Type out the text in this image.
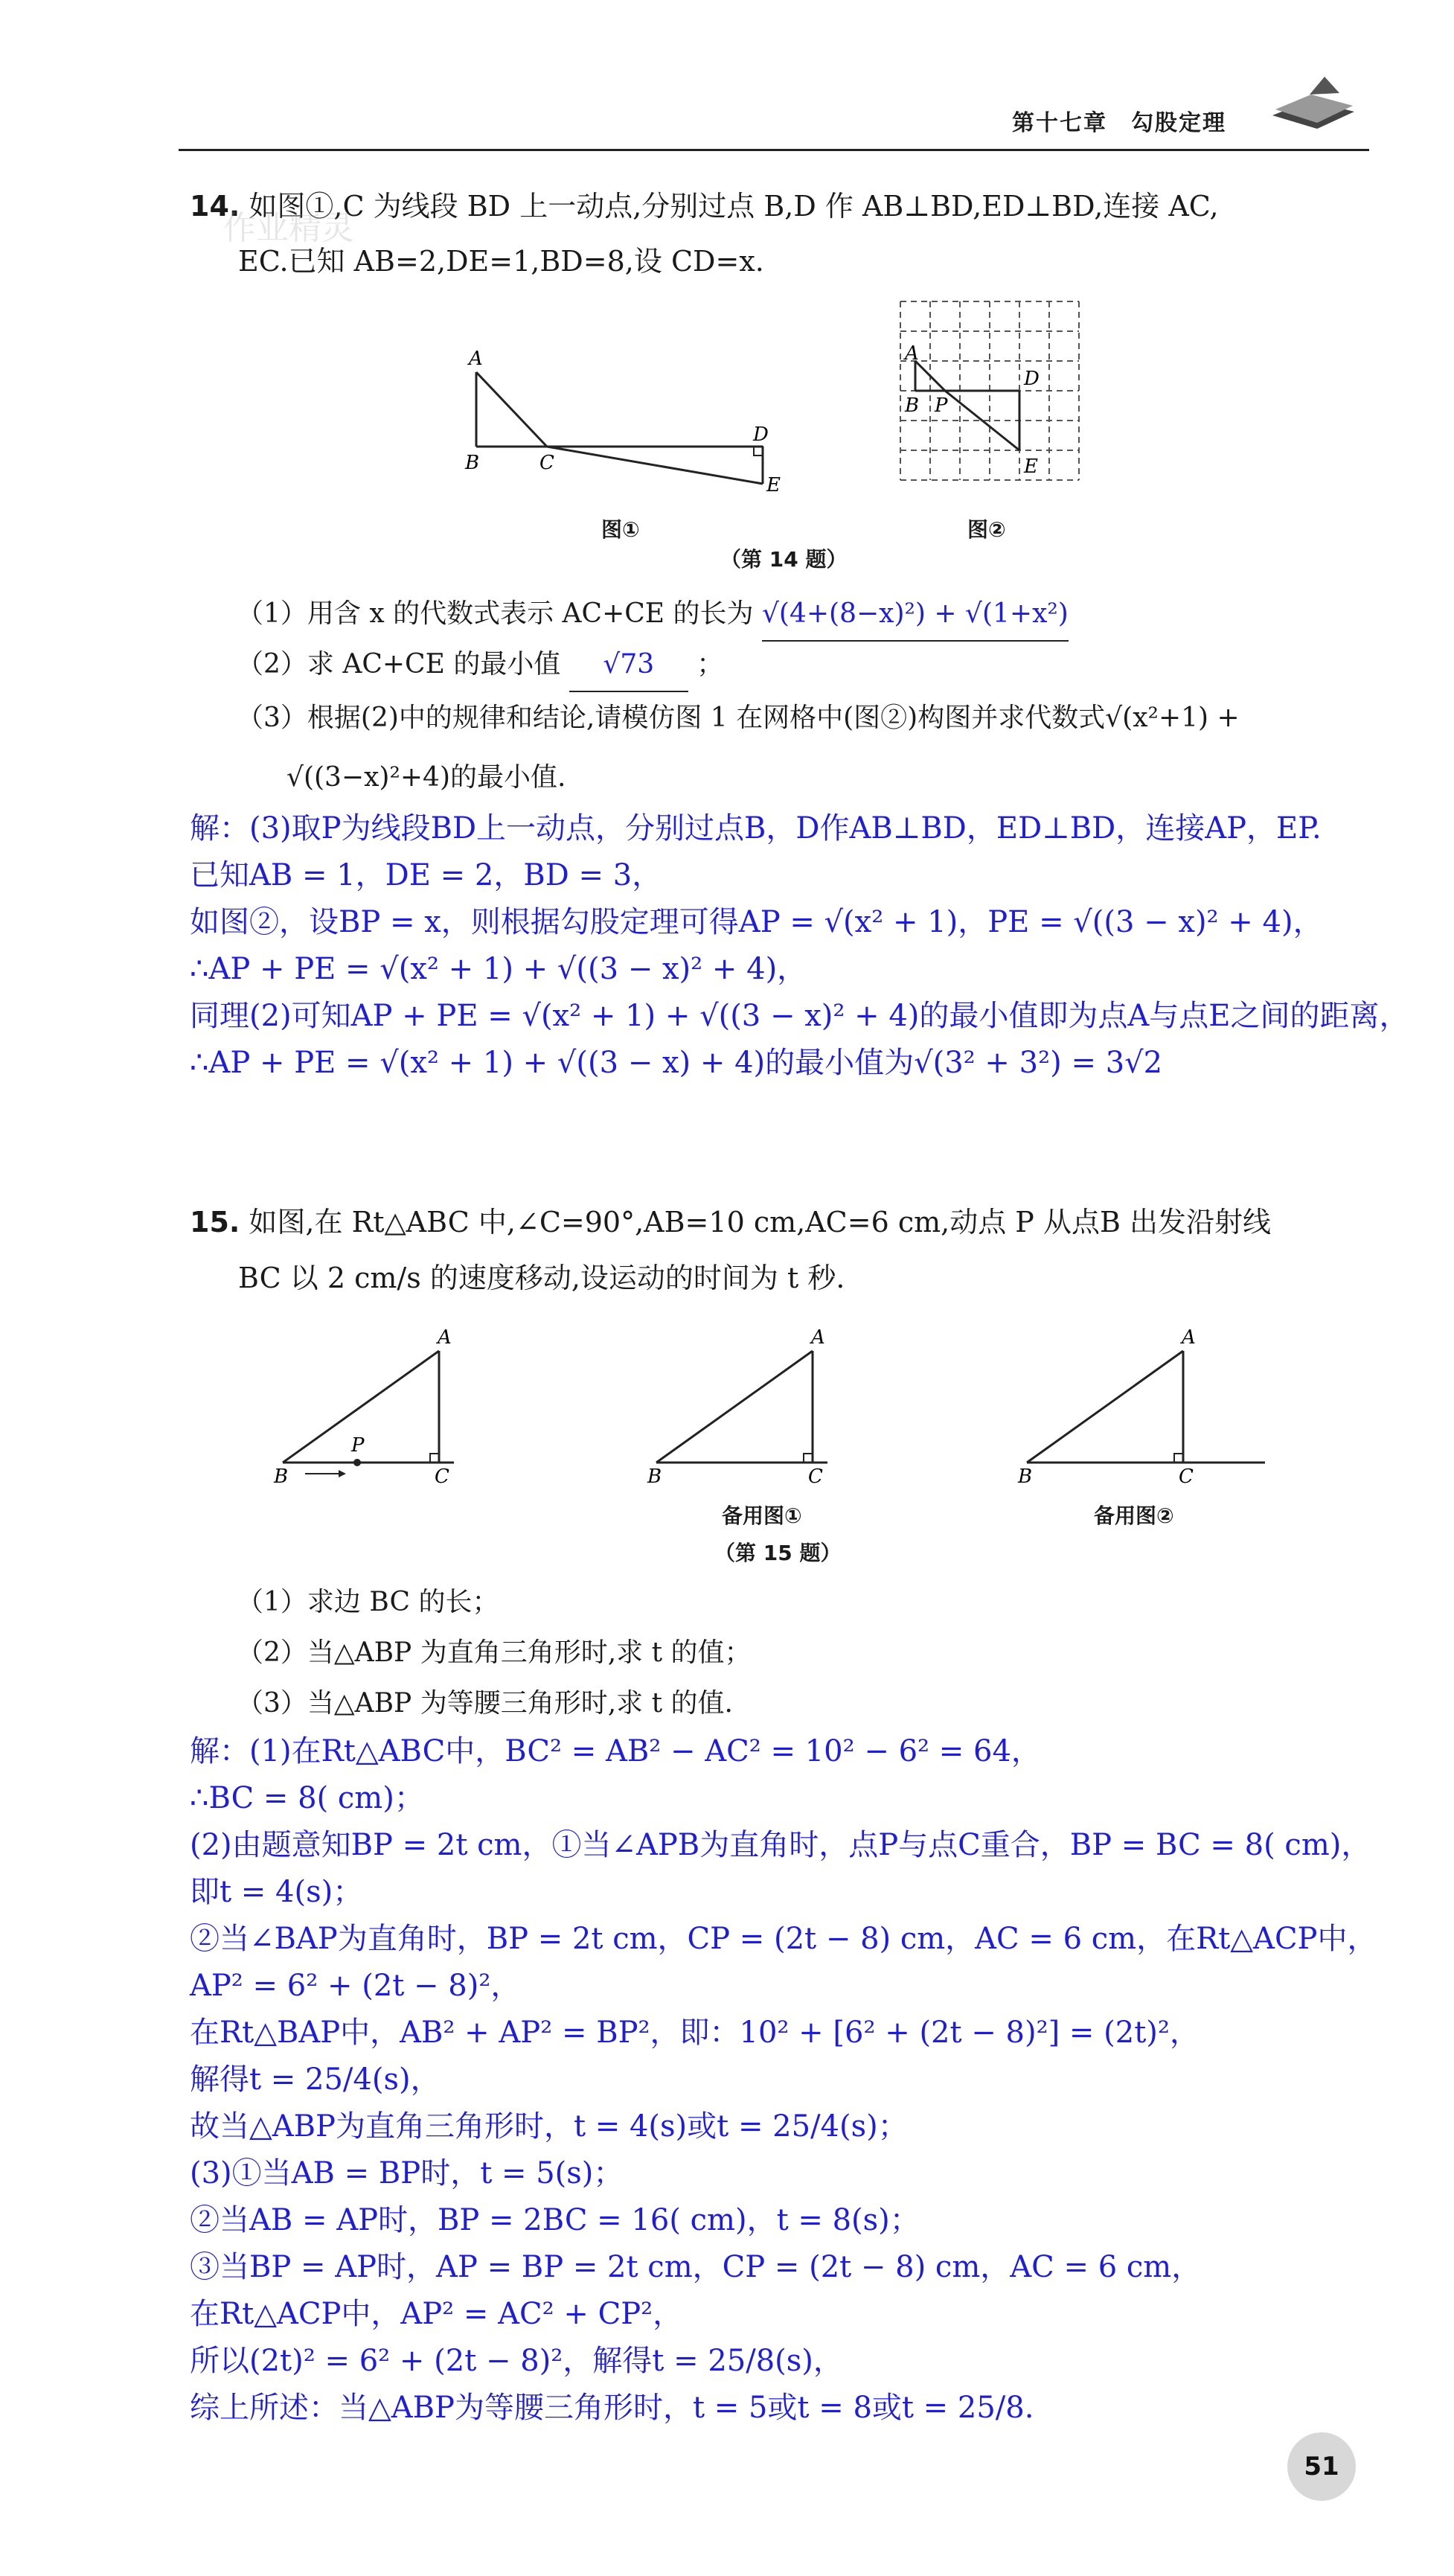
第十七章　勾股定理
14. 如图①,C 为线段 BD 上一动点,分别过点 B,D 作 AB⊥BD,ED⊥BD,连接 AC,
EC.已知 AB=2,DE=1,BD=8,设 CD=x.
作业精灵
A
B	C
D
E
图①
A
B P
D
E
图②
（第 14 题）
（1）用含 x 的代数式表示 AC+CE 的长为 √(4+(8−x)²) + √(1+x²)
（2）求 AC+CE 的最小值 √73 ；
（3）根据(2)中的规律和结论,请模仿图 1 在网格中(图②)构图并求代数式√(x²+1) +
√((3−x)²+4)的最小值.
解：(3)取P为线段BD上一动点，分别过点B，D作AB⊥BD，ED⊥BD，连接AP，EP.
已知AB = 1，DE = 2，BD = 3，
如图②，设BP = x，则根据勾股定理可得AP = √(x² + 1)，PE = √((3 − x)² + 4)，
∴AP + PE = √(x² + 1) + √((3 − x)² + 4)，
同理(2)可知AP + PE = √(x² + 1) + √((3 − x)² + 4)的最小值即为点A与点E之间的距离，
∴AP + PE = √(x² + 1) + √((3 − x) + 4)的最小值为√(3² + 3²) = 3√2
15. 如图,在 Rt△ABC 中,∠C=90°,AB=10 cm,AC=6 cm,动点 P 从点B 出发沿射线
BC 以 2 cm/s 的速度移动,设运动的时间为 t 秒.
A
B	C
P
A
B	C
备用图①
A
B	C
备用图②
（第 15 题）
（1）求边 BC 的长；
（2）当△ABP 为直角三角形时,求 t 的值；
（3）当△ABP 为等腰三角形时,求 t 的值.
解：(1)在Rt△ABC中，BC² = AB² − AC² = 10² − 6² = 64，
∴BC = 8( cm)；
(2)由题意知BP = 2t cm，①当∠APB为直角时，点P与点C重合，BP = BC = 8( cm)，
即t = 4(s)；
②当∠BAP为直角时，BP = 2t cm，CP = (2t − 8) cm，AC = 6 cm，在Rt△ACP中，
AP² = 6² + (2t − 8)²，
在Rt△BAP中，AB² + AP² = BP²，即：10² + [6² + (2t − 8)²] = (2t)²，
解得t = 25/4(s)，
故当△ABP为直角三角形时，t = 4(s)或t = 25/4(s)；
(3)①当AB = BP时，t = 5(s)；
②当AB = AP时，BP = 2BC = 16( cm)，t = 8(s)；
③当BP = AP时，AP = BP = 2t cm，CP = (2t − 8) cm，AC = 6 cm，
在Rt△ACP中，AP² = AC² + CP²，
所以(2t)² = 6² + (2t − 8)²，解得t = 25/8(s)，
综上所述：当△ABP为等腰三角形时，t = 5或t = 8或t = 25/8.
51
